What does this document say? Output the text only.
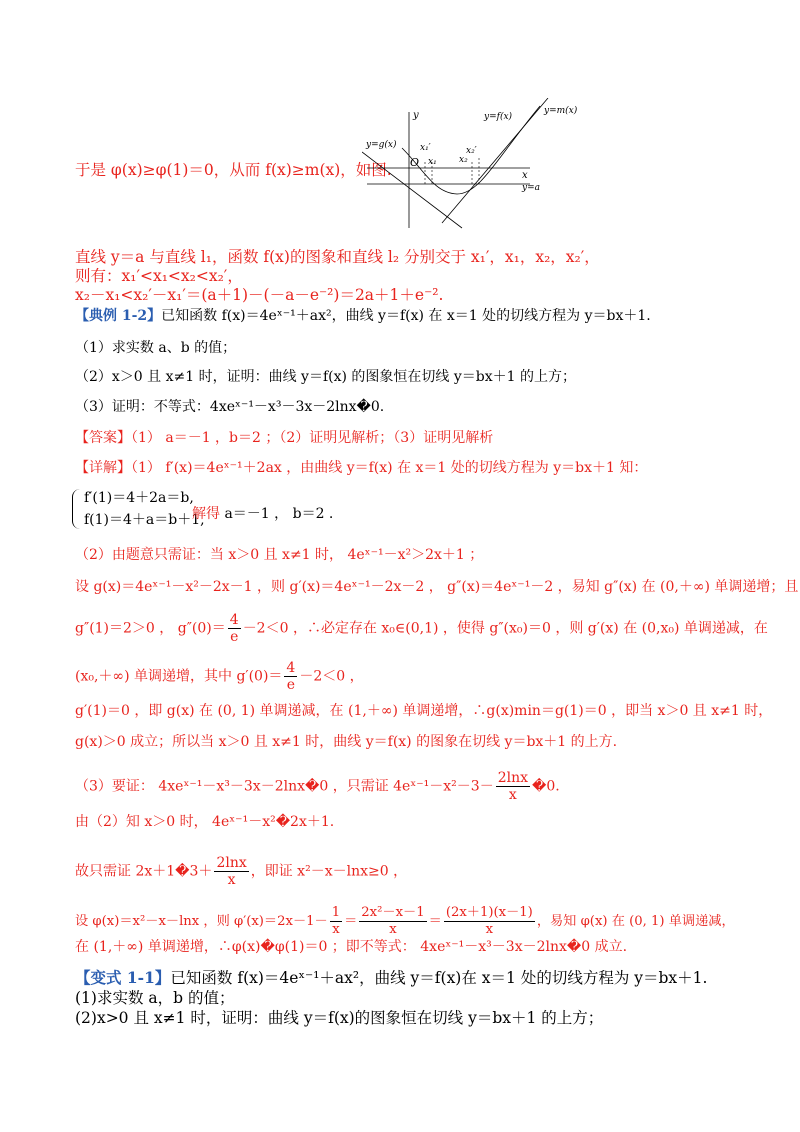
于是 φ(x)≥φ(1)＝0，从而 f(x)≥m(x)，如图.
y
x
O
y=g(x)
y=f(x)
y=m(x)
y=a
x₁′
x₁
x₂′
x₂
直线 y＝a 与直线 l₁，函数 f(x)的图象和直线 l₂ 分别交于 x₁′，x₁，x₂，x₂′，
则有：x₁′<x₁<x₂<x₂′，
x₂－x₁<x₂′－x₁′＝(a＋1)－(－a－e⁻²)＝2a＋1＋e⁻².
【典例 1-2】已知函数 f(x)＝4eˣ⁻¹＋ax²，曲线 y＝f(x) 在 x＝1 处的切线方程为 y＝bx＋1.
（1）求实数 a、b 的值；
（2）x＞0 且 x≠1 时，证明：曲线 y＝f(x) 的图象恒在切线 y＝bx＋1 的上方；
（3）证明：不等式：4xeˣ⁻¹－x³－3x－2lnx�0.
【答案】（1） a＝－1 ，b＝2 ；（2）证明见解析；（3）证明见解析
【详解】（1） f′(x)＝4eˣ⁻¹＋2ax ，由曲线 y＝f(x) 在 x＝1 处的切线方程为 y＝bx＋1 知：
f′(1)＝4＋2a＝b,
f(1)＝4＋a＝b＋1,
解得 a＝－1 ， b＝2 .
（2）由题意只需证：当 x＞0 且 x≠1 时， 4eˣ⁻¹－x²＞2x＋1 ；
设 g(x)＝4eˣ⁻¹－x²－2x－1 ，则 g′(x)＝4eˣ⁻¹－2x－2 ， g″(x)＝4eˣ⁻¹－2 ，易知 g″(x) 在 (0,＋∞) 单调递增；且
g″(1)＝2＞0 ， $g''(0)= \frac{4}{e} -2<0$ ，∴必定存在 x₀∈(0,1) ，使得 g″(x₀)＝0 ，则 g′(x) 在 (0,x₀) 单调递减，在
(x₀,＋∞) 单调递增，其中 $g'(0)= \frac{4}{e} -2<0$ ，
g′(1)＝0 ，即 g(x) 在 (0, 1) 单调递减，在 (1,＋∞) 单调递增，∴g(x)min＝g(1)＝0 ，即当 x＞0 且 x≠1 时，
g(x)＞0 成立；所以当 x＞0 且 x≠1 时，曲线 y＝f(x) 的图象在切线 y＝bx＋1 的上方.
（3）要证： 4xeˣ⁻¹－x³－3x－2lnx�0 ，只需证 4eˣ⁻¹－x²－3－ $\frac{2\ln x}{x}$ �0.
由（2）知 x＞0 时， 4eˣ⁻¹－x²�2x＋1.
故只需证 2x＋1�3＋ $\frac{2\ln x}{x}$ ，即证 x²－x－lnx≥0 ，
设 φ(x)＝x²－x－lnx ，则 $\varphi'(x)=2x-1- \frac{1}{x} = \frac{\text{2x²－x－1}}{x} = \frac{(2x+1)(x-1)}{x}$ ，易知 φ(x) 在 (0, 1) 单调递减，
在 (1,＋∞) 单调递增，∴φ(x)�φ(1)＝0 ；即不等式： 4xeˣ⁻¹－x³－3x－2lnx�0 成立.
【变式 1-1】已知函数 f(x)＝4eˣ⁻¹＋ax²，曲线 y＝f(x)在 x＝1 处的切线方程为 y＝bx＋1.
(1)求实数 a，b 的值；
(2)x>0 且 x≠1 时，证明：曲线 y＝f(x)的图象恒在切线 y＝bx＋1 的上方；
